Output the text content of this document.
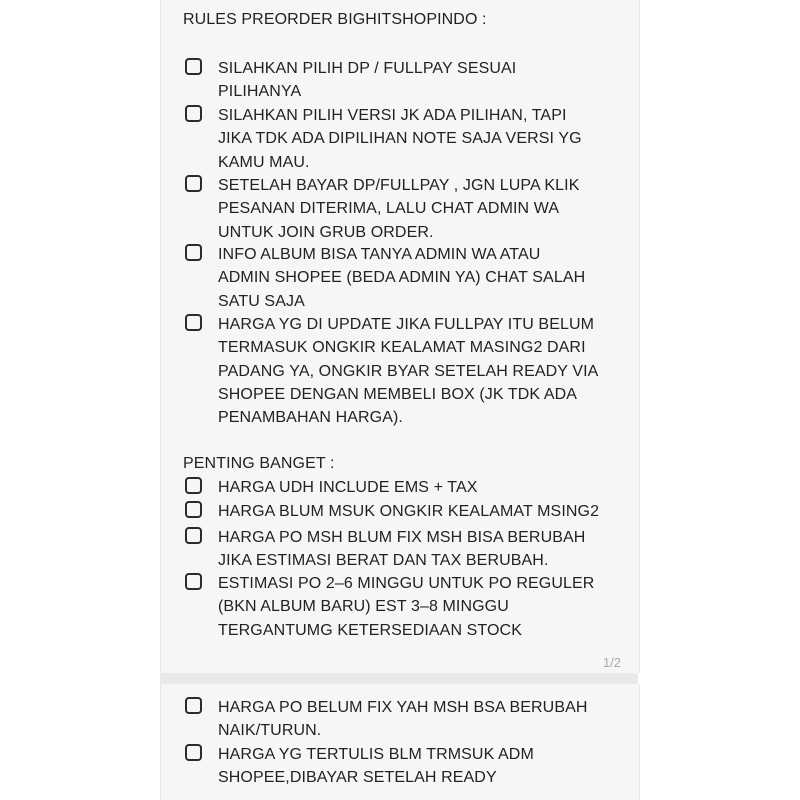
RULES PREORDER BIGHITSHOPINDO :
SILAHKAN PILIH DP / FULLPAY SESUAI
PILIHANYA
SILAHKAN PILIH VERSI JK ADA PILIHAN, TAPI
JIKA TDK ADA DIPILIHAN NOTE SAJA VERSI YG
KAMU MAU.
SETELAH BAYAR DP/FULLPAY , JGN LUPA KLIK
PESANAN DITERIMA, LALU CHAT ADMIN WA
UNTUK JOIN GRUB ORDER.
INFO ALBUM BISA TANYA ADMIN WA ATAU
ADMIN SHOPEE (BEDA ADMIN YA) CHAT SALAH
SATU SAJA
HARGA YG DI UPDATE JIKA FULLPAY ITU BELUM
TERMASUK ONGKIR KEALAMAT MASING2 DARI
PADANG YA, ONGKIR BYAR SETELAH READY VIA
SHOPEE DENGAN MEMBELI BOX (JK TDK ADA
PENAMBAHAN HARGA).
PENTING BANGET :
HARGA UDH INCLUDE EMS + TAX
HARGA BLUM MSUK ONGKIR KEALAMAT MSING2
HARGA PO MSH BLUM FIX MSH BISA BERUBAH
JIKA ESTIMASI BERAT DAN TAX BERUBAH.
ESTIMASI PO 2–6 MINGGU UNTUK PO REGULER
(BKN ALBUM BARU) EST 3–8 MINGGU
TERGANTUMG KETERSEDIAAN STOCK
1/2
HARGA PO BELUM FIX YAH MSH BSA BERUBAH
NAIK/TURUN.
HARGA YG TERTULIS BLM TRMSUK ADM
SHOPEE,DIBAYAR SETELAH READY
